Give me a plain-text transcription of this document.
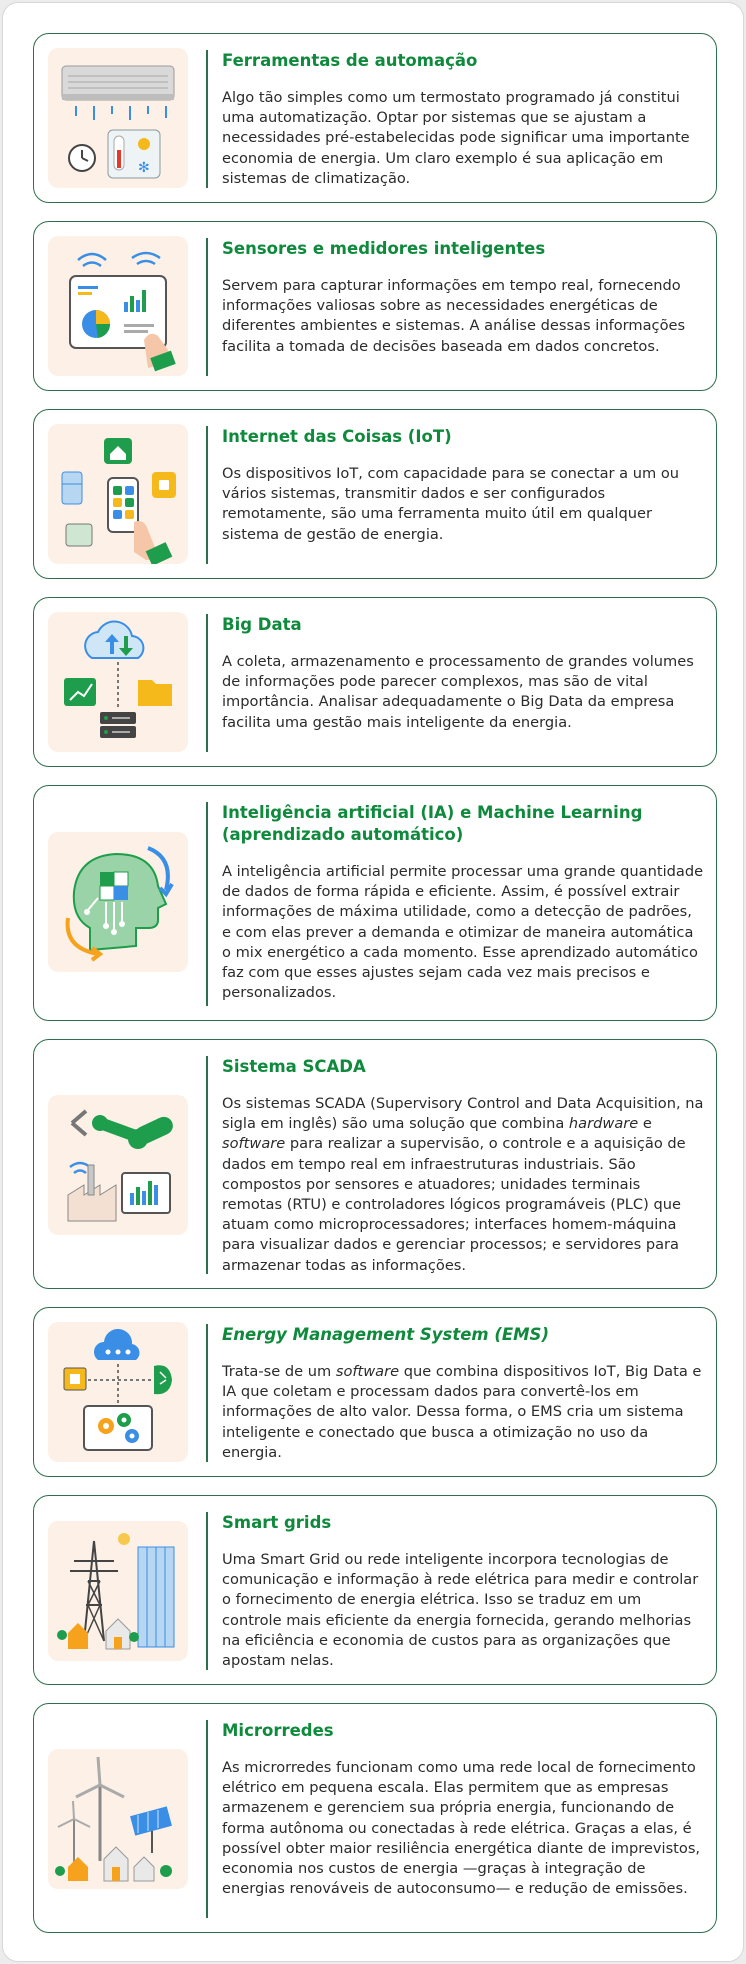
✻
Ferramentas de automação
Algo tão simples como um termostato programado já constitui uma automatização. Optar por sistemas que se ajustam a necessidades pré-estabelecidas pode significar uma importante economia de energia. Um claro exemplo é sua aplicação em sistemas de climatização.
Sensores e medidores inteligentes
Servem para capturar informações em tempo real, fornecendo informações valiosas sobre as necessidades energéticas de diferentes ambientes e sistemas. A análise dessas informações facilita a tomada de decisões baseada em dados concretos.
Internet das Coisas (IoT)
Os dispositivos IoT, com capacidade para se conectar a um ou vários sistemas, transmitir dados e ser configurados remotamente, são uma ferramenta muito útil em qualquer sistema de gestão de energia.
Big Data
A coleta, armazenamento e processamento de grandes volumes de informações pode parecer complexos, mas são de vital importância. Analisar adequadamente o Big Data da empresa facilita uma gestão mais inteligente da energia.
Inteligência artificial (IA) e Machine Learning (aprendizado automático)
A inteligência artificial permite processar uma grande quantidade de dados de forma rápida e eficiente. Assim, é possível extrair informações de máxima utilidade, como a detecção de padrões, e com elas prever a demanda e otimizar de maneira automática o mix energético a cada momento. Esse aprendizado automático faz com que esses ajustes sejam cada vez mais precisos e personalizados.
Sistema SCADA
Os sistemas SCADA (Supervisory Control and Data Acquisition, na sigla em inglês) são uma solução que combina hardware e software para realizar a supervisão, o controle e a aquisição de dados em tempo real em infraestruturas industriais. São compostos por sensores e atuadores; unidades terminais remotas (RTU) e controladores lógicos programáveis (PLC) que atuam como microprocessadores; interfaces homem-máquina para visualizar dados e gerenciar processos; e servidores para armazenar todas as informações.
Energy Management System (EMS)
Trata-se de um software que combina dispositivos IoT, Big Data e IA que coletam e processam dados para convertê-los em informações de alto valor. Dessa forma, o EMS cria um sistema inteligente e conectado que busca a otimização no uso da energia.
Smart grids
Uma Smart Grid ou rede inteligente incorpora tecnologias de comunicação e informação à rede elétrica para medir e controlar o fornecimento de energia elétrica. Isso se traduz em um controle mais eficiente da energia fornecida, gerando melhorias na eficiência e economia de custos para as organizações que apostam nelas.
Microrredes
As microrredes funcionam como uma rede local de fornecimento elétrico em pequena escala. Elas permitem que as empresas armazenem e gerenciem sua própria energia, funcionando de forma autônoma ou conectadas à rede elétrica. Graças a elas, é possível obter maior resiliência energética diante de imprevistos, economia nos custos de energia —graças à integração de energias renováveis de autoconsumo— e redução de emissões.
